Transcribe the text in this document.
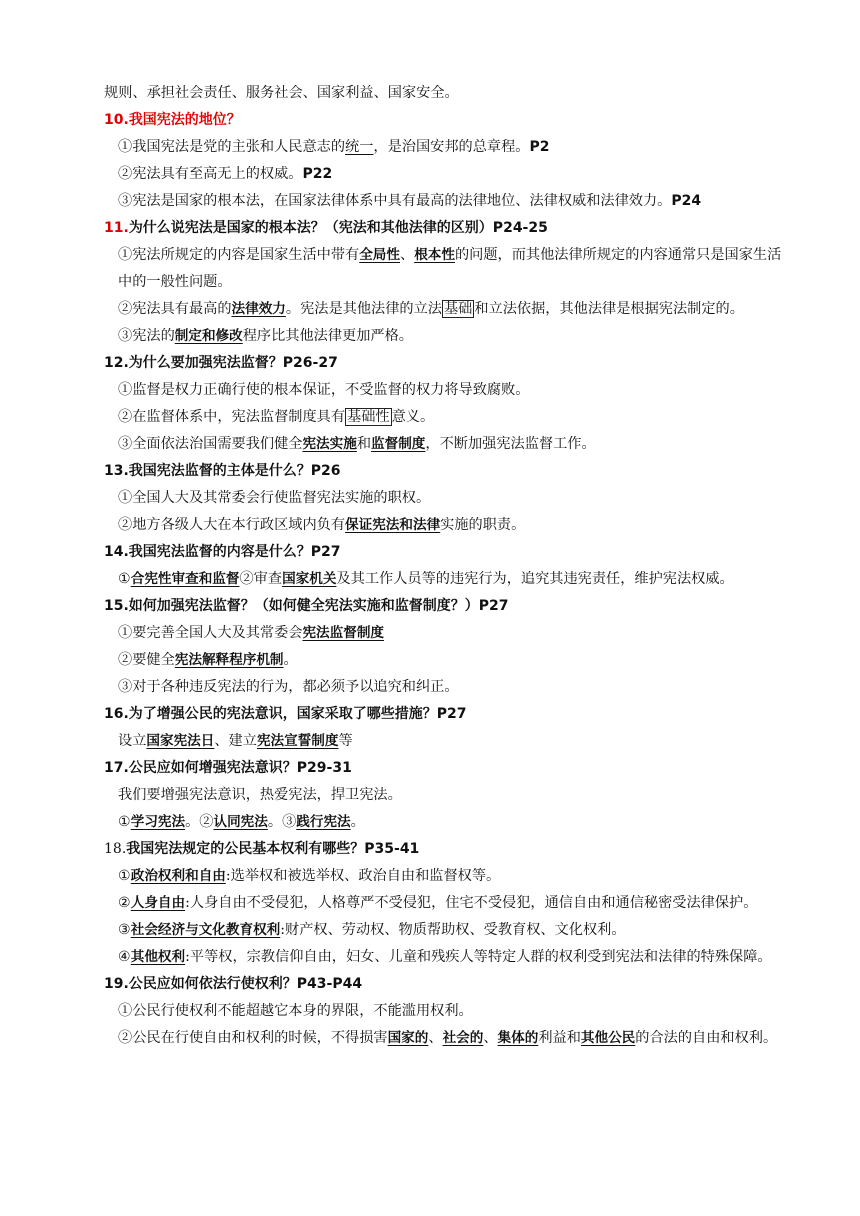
规则、承担社会责任、服务社会、国家利益、国家安全。
10.我国宪法的地位？
①我国宪法是党的主张和人民意志的统一，是治国安邦的总章程。P2
②宪法具有至高无上的权威。P22
③宪法是国家的根本法，在国家法律体系中具有最高的法律地位、法律权威和法律效力。P24
11.为什么说宪法是国家的根本法？（宪法和其他法律的区别）P24-25
①宪法所规定的内容是国家生活中带有全局性、根本性的问题，而其他法律所规定的内容通常只是国家生活中的一般性问题。
②宪法具有最高的法律效力。宪法是其他法律的立法 基础 和立法依据，其他法律是根据宪法制定的。
③宪法的制定和修改程序比其他法律更加严格。
12.为什么要加强宪法监督？P26-27
①监督是权力正确行使的根本保证，不受监督的权力将导致腐败。
②在监督体系中，宪法监督制度具有 基础性 意义。
③全面依法治国需要我们健全宪法实施和监督制度，不断加强宪法监督工作。
13.我国宪法监督的主体是什么？P26
①全国人大及其常委会行使监督宪法实施的职权。
②地方各级人大在本行政区域内负有保证宪法和法律实施的职责。
14.我国宪法监督的内容是什么？P27
①合宪性审查和监督②审查国家机关及其工作人员等的违宪行为，追究其违宪责任，维护宪法权威。
15.如何加强宪法监督？（如何健全宪法实施和监督制度？）P27
①要完善全国人大及其常委会宪法监督制度
②要健全宪法解释程序机制。
③对于各种违反宪法的行为，都必须予以追究和纠正。
16.为了增强公民的宪法意识，国家采取了哪些措施？P27
设立国家宪法日、建立宪法宣誓制度等
17.公民应如何增强宪法意识？P29-31
我们要增强宪法意识，热爱宪法，捍卫宪法。
①学习宪法。②认同宪法。③践行宪法。
18.我国宪法规定的公民基本权利有哪些？P35-41
①政治权利和自由:选举权和被选举权、政治自由和监督权等。
②人身自由:人身自由不受侵犯，人格尊严不受侵犯，住宅不受侵犯，通信自由和通信秘密受法律保护。
③社会经济与文化教育权利:财产权、劳动权、物质帮助权、受教育权、文化权利。
④其他权利:平等权，宗教信仰自由，妇女、儿童和残疾人等特定人群的权利受到宪法和法律的特殊保障。
19.公民应如何依法行使权利？P43-P44
①公民行使权利不能超越它本身的界限，不能滥用权利。
②公民在行使自由和权利的时候，不得损害国家的、社会的、集体的利益和其他公民的合法的自由和权利。
